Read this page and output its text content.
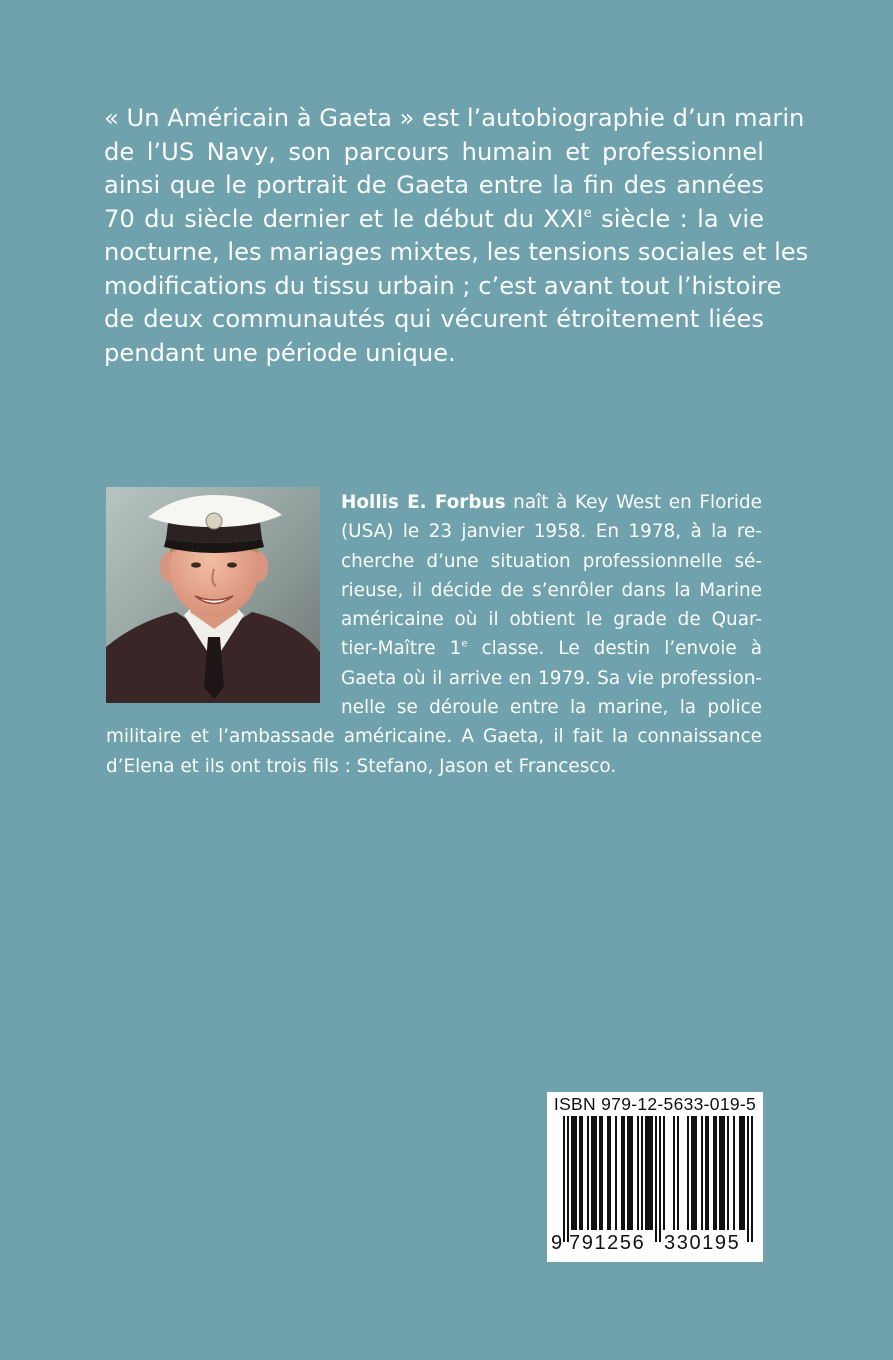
« Un Américain à Gaeta » est l’autobiographie d’un marin
de l’US Navy, son parcours humain et professionnel
ainsi que le portrait de Gaeta entre la fin des années
70 du siècle dernier et le début du XXIe siècle : la vie
nocturne, les mariages mixtes, les tensions sociales et les
modifications du tissu urbain ; c’est avant tout l’histoire
de deux communautés qui vécurent étroitement liées
pendant une période unique.
Hollis E. Forbus naît à Key West en Floride
(USA) le 23 janvier 1958. En 1978, à la re-
cherche d’une situation professionnelle sé-
rieuse, il décide de s’enrôler dans la Marine
américaine où il obtient le grade de Quar-
tier-Maître 1e classe. Le destin l’envoie à
Gaeta où il arrive en 1979. Sa vie profession-
nelle se déroule entre la marine, la police
militaire et l’ambassade américaine. A Gaeta, il fait la connaissance
d’Elena et ils ont trois fils : Stefano, Jason et Francesco.
ISBN 979-12-5633-019-5
9 791256 330195
